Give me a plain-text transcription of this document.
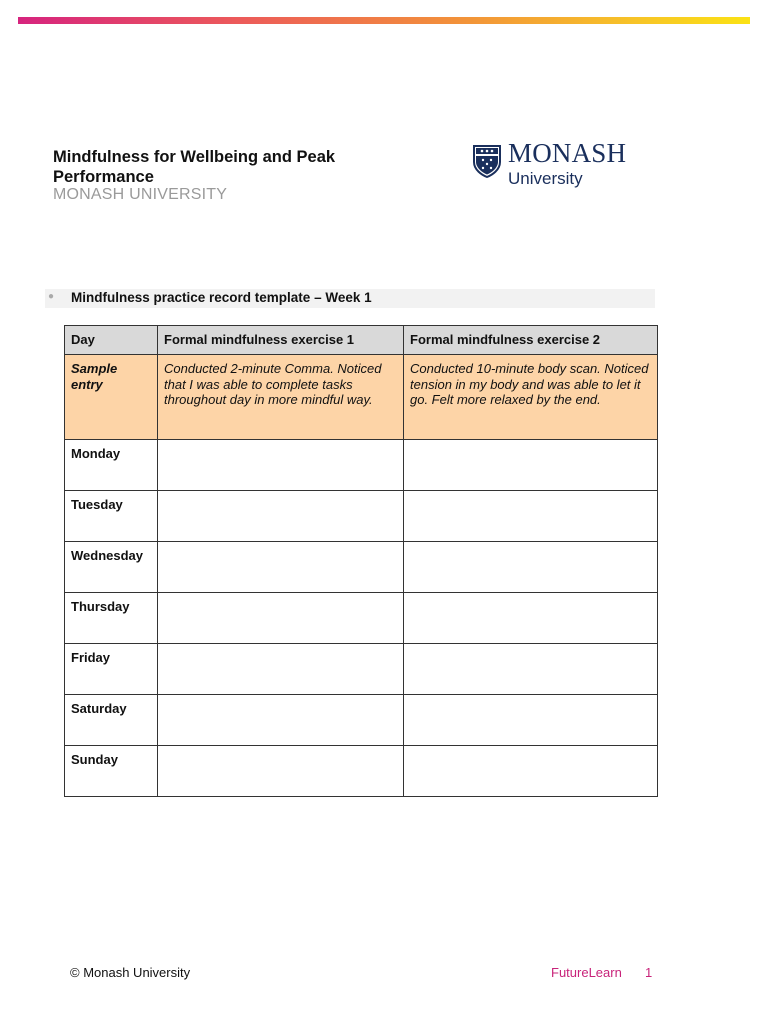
Mindfulness for Wellbeing and Peak Performance
MONASH UNIVERSITY
MONASH
University
● Mindfulness practice record template – Week 1
Day	Formal mindfulness exercise 1	Formal mindfulness exercise 2
Sample entry	Conducted 2-minute Comma. Noticed that I was able to complete tasks throughout day in more mindful way.	Conducted 10-minute body scan. Noticed tension in my body and was able to let it go. Felt more relaxed by the end.
Monday		
Tuesday		
Wednesday		
Thursday		
Friday		
Saturday		
Sunday		
© Monash University	FutureLearn 1
